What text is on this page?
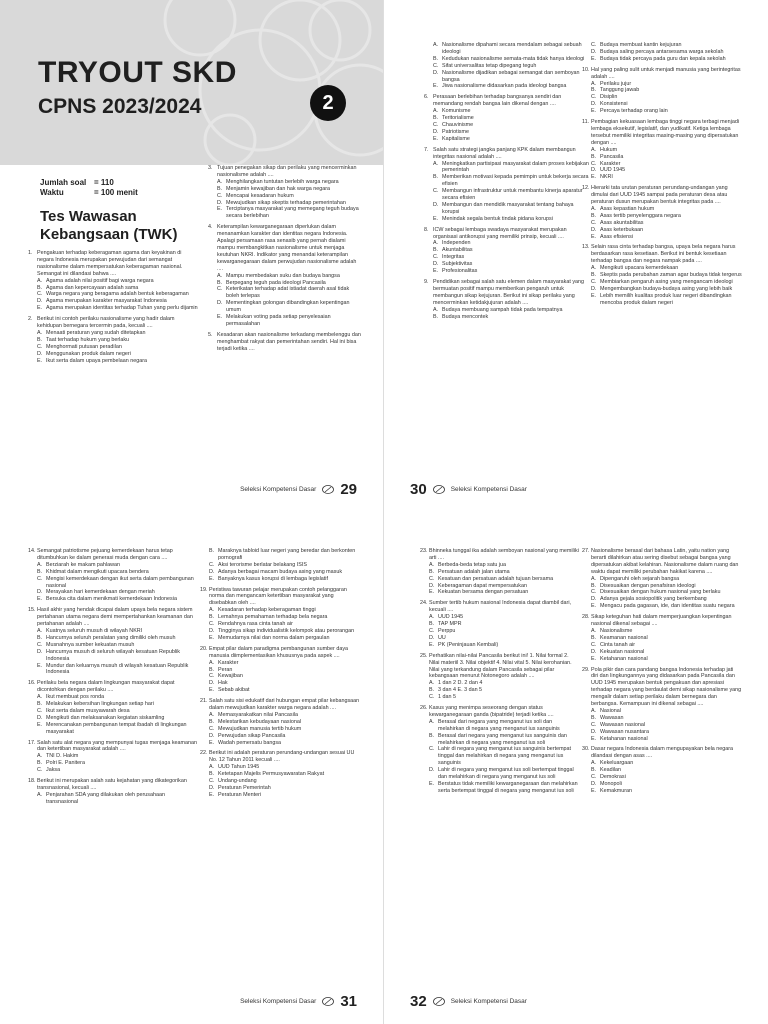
TRYOUT SKD
CPNS 2023/2024	2
Jumlah soal = 110
Waktu	= 100 menit
Tes Wawasan
Kebangsaan (TWK)
1. Pengakuan terhadap keberagaman agama dan keyakinan di negara Indonesia merupakan perwujudan dari semangat nasionalisme dalam mempersatukan keberagaman nasional. Semangat ini dilandasi bahwa ....
A. Agama adalah nilai positif bagi warga negara
B. Agama dan kepercayaan adalah sama
C. Warga negara yang beragama adalah bentuk keberagaman
D. Agama merupakan karakter masyarakat Indonesia
E. Agama merupakan identitas terhadap Tuhan yang perlu dijamin
2. Berikut ini contoh perilaku nasionalisme yang hadir dalam kehidupan bernegara tercermin pada, kecuali ....
A. Menaati peraturan yang sudah ditetapkan
B. Taat terhadap hukum yang berlaku
C. Menghormati putusan peradilan
D. Menggunakan produk dalam negeri
E. Ikut serta dalam upaya pembelaan negara
3. Tujuan penegakan sikap dan perilaku yang mencerminkan nasionalisme adalah ....
A. Menghilangkan tuntutan berlebih warga negara
B. Menjamin kewajiban dan hak warga negara
C. Mencapai kesadaran hukum
D. Mewujudkan sikap skeptis terhadap pemerintahan
E. Terciptanya masyarakat yang memegang teguh budaya secara berlebihan
4. Keterampilan kewarganegaraan diperlukan dalam menanamkan karakter dan identitas negara Indonesia. Apalagi persamaan rasa senasib yang pernah dialami mampu membangkitkan nasionalisme untuk menjaga keutuhan NKRI. Indikator yang menandai keterampilan kewarganegaraan dalam perwujudan nasionalisme adalah ....
A. Mampu membedakan suku dan budaya bangsa
B. Berpegang teguh pada ideologi Pancasila
C. Keterikatan terhadap adat istiadat daerah asal tidak boleh terlepas
D. Mementingkan golongan dibandingkan kepentingan umum
E. Melakukan voting pada setiap penyelesaian permasalahan
5. Kesadaran akan nasionalisme terkadang membelenggu dan menghambat rakyat dan pemerintahan sendiri. Hal ini bisa terjadi ketika ....
Seleksi Kompetensi Dasar 29
A. Nasionalisme dipahami secara mendalam sebagai sebuah ideologi
B. Kedudukan nasionalisme semata-mata tidak hanya ideologi
C. Sifat universalitas tetap dipegang teguh
D. Nasionalisme dijadikan sebagai semangat dan semboyan bangsa
E. Jiwa nasionalisme didasarkan pada ideologi bangsa
6. Perasaan berlebihan terhadap bangsanya sendiri dan memandang rendah bangsa lain dikenal dengan ....
A. Komunisme
B. Teritorialisme
C. Chauvinisme
D. Patriotisme
E. Kapitalisme
7. Salah satu strategi jangka panjang KPK dalam membangun integritas nasional adalah ....
A. Meningkatkan partisipasi masyarakat dalam proses kebijakan pemerintah
B. Memberikan motivasi kepada pemimpin untuk bekerja secara efisien
C. Membangun infrastruktur untuk membantu kinerja aparatur secara efisien
D. Membangun dan mendidik masyarakat tentang bahaya korupsi
E. Menindak segala bentuk tindak pidana korupsi
8. ICW sebagai lembaga swadaya masyarakat merupakan organisasi antikorupsi yang memiliki prinsip, kecuali ....
A. Independen
B. Akuntabilitas
C. Integritas
D. Subjektivitas
E. Profesionalitas
9. Pendidikan sebagai salah satu elemen dalam masyarakat yang bermuatan positif mampu memberikan pengaruh untuk membangun sikap kejujuran. Berikut ini sikap perilaku yang mencerminkan ketidakjujuran adalah ....
A. Budaya membuang sampah tidak pada tempatnya
B. Budaya mencontek
C. Budaya membuat kantin kejujuran
D. Budaya saling percaya antarsesama warga sekolah
E. Budaya tidak percaya pada guru dan kepala sekolah
10. Hal yang paling sulit untuk menjadi manusia yang berintegritas adalah ....
A. Perilaku jujur
B. Tanggung jawab
C. Disiplin
D. Konsistensi
E. Percaya terhadap orang lain
11. Pembagian kekuasaan lembaga tinggi negara terbagi menjadi lembaga eksekutif, legislatif, dan yudikatif. Ketiga lembaga tersebut memiliki integritas masing-masing yang dipersatukan dengan ....
A. Hukum
B. Pancasila
C. Karakter
D. UUD 1945
E. NKRI
12. Hierarki tata urutan peraturan perundang-undangan yang dimulai dari UUD 1945 sampai pada peraturan desa atau peraturan dusun merupakan bentuk integritas pada ....
A. Asas kepastian hukum
B. Asas tertib penyelenggara negara
C. Asas akuntabilitas
D. Asas keterbukaan
E. Asas efisiensi
13. Selain rasa cinta terhadap bangsa, upaya bela negara harus berdasarkan rasa kesetiaan. Berikut ini bentuk kesetiaan terhadap bangsa dan negara nampak pada ....
A. Mengikuti upacara kemerdekaan
B. Skeptis pada perubahan zaman agar budaya tidak tergerus
C. Membiarkan pengaruh asing yang mengancam ideologi
D. Mengembangkan budaya-budaya asing yang lebih baik
E. Lebih memilih kualitas produk luar negeri dibandingkan mencoba produk dalam negeri
30	Seleksi Kompetensi Dasar
14. Semangat patriotisme pejuang kemerdekaan harus tetap ditumbuhkan ke dalam generasi muda dengan cara ....
A. Berziarah ke makam pahlawan
B. Khidmat dalam mengikuti upacara bendera
C. Mengisi kemerdekaan dengan ikut serta dalam pembangunan nasional
D. Merayakan hari kemerdekaan dengan meriah
E. Bersuka cita dalam menikmati kemerdekaan Indonesia
15. Hasil akhir yang hendak dicapai dalam upaya bela negara sistem pertahanan utama negara demi mempertahankan keamanan dan pertahanan adalah ....
A. Kuatnya seluruh musuh di wilayah NKRI
B. Hancurnya seluruh peralatan yang dimiliki oleh musuh
C. Musnahnya sumber kekuatan musuh
D. Hancurnya musuh di seluruh wilayah kesatuan Republik Indonesia
E. Mundur dan keluarnya musuh di wilayah kesatuan Republik Indonesia
16. Perilaku bela negara dalam lingkungan masyarakat dapat dicontohkan dengan perilaku ....
A. Ikut membuat pos ronda
B. Melakukan kebersihan lingkungan setiap hari
C. Ikut serta dalam musyawarah desa
D. Mengikuti dan melaksanakan kegiatan siskamling
E. Merencanakan pembangunan tempat ibadah di lingkungan masyarakat
17. Salah satu alat negara yang mempunyai tugas menjaga keamanan dan ketertiban masyarakat adalah ....
A. TNI D. Hakim
B. Polri E. Panitera
C. Jaksa
18. Berikut ini merupakan salah satu kejahatan yang dikategorikan transnasional, kecuali ....
A. Penjarahan SDA yang dilakukan oleh perusahaan transnasional
B. Maraknya tabloid luar negeri yang beredar dan berkonten pornografi
C. Aksi terorisme berlatar belakang ISIS
D. Adanya berbagai macam budaya asing yang masuk
E. Banyaknya kasus korupsi di lembaga legislatif
19. Peristiwa tawuran pelajar merupakan contoh pelanggaran norma dan mengancam ketertiban masyarakat yang disebabkan oleh ....
A. Kesadaran terhadap keberagaman tinggi
B. Lemahnya pemahaman terhadap bela negara
C. Rendahnya rasa cinta tanah air
D. Tingginya sikap individualistik kelompok atau perorangan
E. Memudarnya nilai dan norma dalam pergaulan
20. Empat pilar dalam paradigma pembangunan sumber daya manusia diimplementasikan khususnya pada aspek ....
A. Karakter
B. Peran
C. Kewajiban
D. Hak
E. Sebab akibat
21. Salah satu sisi edukatif dari hubungan empat pilar kebangsaan dalam mewujudkan karakter warga negara adalah ....
A. Memasyarakatkan nilai Pancasila
B. Melestarikan kebudayaan nasional
C. Mewujudkan manusia tertib hukum
D. Perwujudan sikap Pancasila
E. Wadah pemersatu bangsa
22. Berikut ini adalah peraturan perundang-undangan sesuai UU No. 12 Tahun 2011 kecuali ....
A. UUD Tahun 1945
B. Ketetapan Majelis Permusyawaratan Rakyat
C. Undang-undang
D. Peraturan Pemerintah
E. Peraturan Menteri
Seleksi Kompetensi Dasar 31
23. Bhinneka tunggal ika adalah semboyan nasional yang memiliki arti ....
A. Berbeda-beda tetap satu jua
B. Persatuan adalah jalan utama
C. Kesatuan dan persatuan adalah tujuan bersama
D. Keberagaman dapat mempersatukan
E. Kekuatan bersama dengan persatuan
24. Sumber tertib hukum nasional Indonesia dapat diambil dari, kecuali ....
A. UUD 1945
B. TAP MPR
C. Perppu
D. UU
E. PK (Peninjauan Kembali)
25. Perhatikan nilai-nilai Pancasila berikut ini! 1. Nilai formal 2. Nilai materiil 3. Nilai objektif 4. Nilai vital 5. Nilai kerohanian. Nilai yang terkandung dalam Pancasila sebagai pilar kebangsaan menurut Notonegoro adalah ....
A. 1 dan 2 D. 2 dan 4
B. 3 dan 4 E. 3 dan 5
C. 1 dan 5
26. Kasus yang menimpa seseorang dengan status kewarganegaraan ganda (bipatride) terjadi ketika ....
A. Berasal dari negara yang menganut ius soli dan melahirkan di negara yang menganut ius sanguinis
B. Berasal dari negara yang menganut ius sanguinis dan melahirkan di negara yang menganut ius soli
C. Lahir di negara yang menganut ius sanguinis bertempat tinggal dan melahirkan di negara yang menganut ius sanguinis
D. Lahir di negara yang menganut ius soli bertempat tinggal dan melahirkan di negara yang menganut ius soli
E. Berstatus tidak memiliki kewarganegaraan dan melahirkan serta bertempat tinggal di negara yang menganut ius soli
27. Nasionalisme berasal dari bahasa Latin, yaitu nation yang berarti dilahirkan atau sering disebut sebagai bangsa yang dipersatukan akibat kelahiran. Nasionalisme dalam ruang dan waktu dapat memiliki perubahan hakikat karena ....
A. Dipengaruhi oleh sejarah bangsa
B. Disesuaikan dengan penafsiran ideologi
C. Disesuaikan dengan hukum nasional yang berlaku
D. Adanya gejala sosiopolitik yang berkembang
E. Mengacu pada gagasan, ide, dan identitas suatu negara
28. Sikap keteguhan hati dalam memperjuangkan kepentingan nasional dikenal sebagai ....
A. Nasionalisme
B. Keamanan nasional
C. Cinta tanah air
D. Kekuatan nasional
E. Ketahanan nasional
29. Pola pikir dan cara pandang bangsa Indonesia terhadap jati diri dan lingkungannya yang didasarkan pada Pancasila dan UUD 1945 merupakan bentuk pengakuan dan apresiasi terhadap negara yang berdaulat demi sikap nasionalisme yang mengalir dalam setiap perilaku dalam bernegara dan berbangsa. Kemampuan ini dikenal sebagai ....
A. Nasional
B. Wawasan
C. Wawasan nasional
D. Wawasan nusantara
E. Ketahanan nasional
30. Dasar negara Indonesia dalam mengupayakan bela negara dilandasi dengan asas ....
A. Kekeluargaan
B. Keadilan
C. Demokrasi
D. Monopoli
E. Kemakmuran
32	Seleksi Kompetensi Dasar
